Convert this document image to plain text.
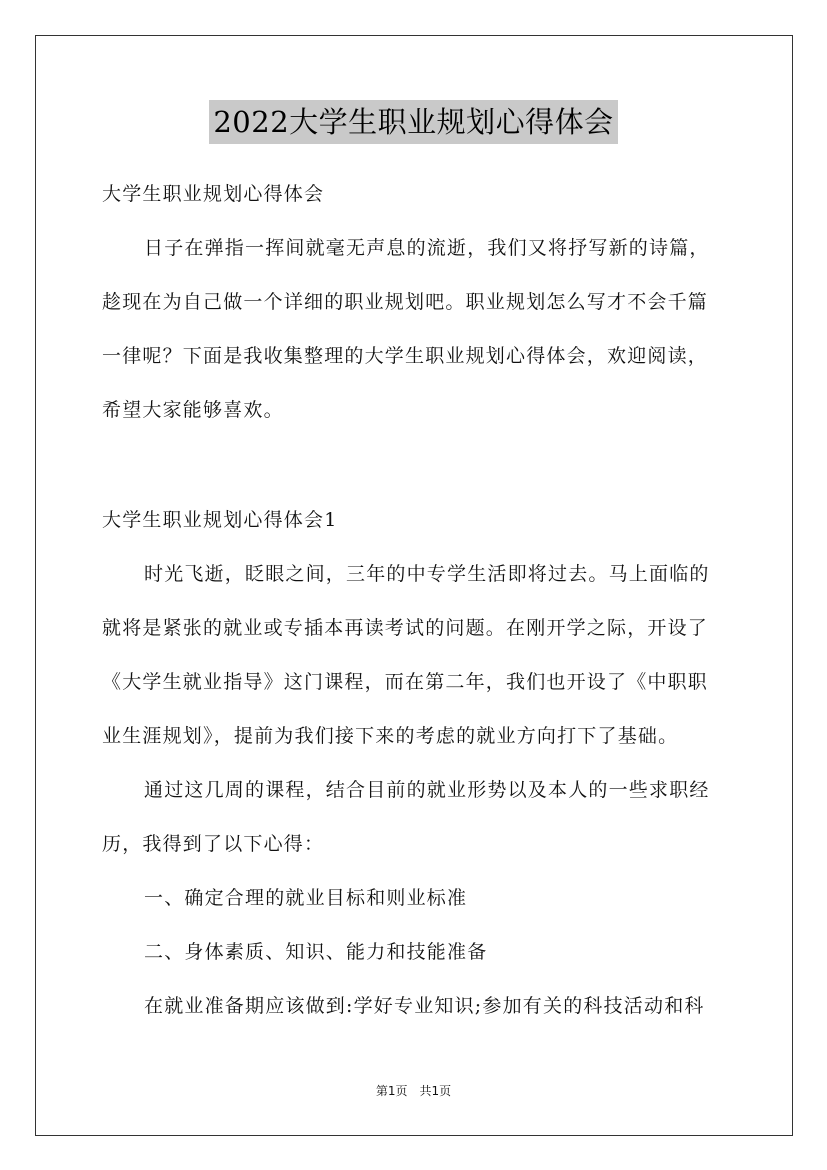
2022大学生职业规划心得体会
大学生职业规划心得体会
日子在弹指一挥间就毫无声息的流逝，我们又将抒写新的诗篇，
趁现在为自己做一个详细的职业规划吧。职业规划怎么写才不会千篇
一律呢？下面是我收集整理的大学生职业规划心得体会，欢迎阅读，
希望大家能够喜欢。
大学生职业规划心得体会1
时光飞逝，眨眼之间，三年的中专学生活即将过去。马上面临的
就将是紧张的就业或专插本再读考试的问题。在刚开学之际，开设了
《大学生就业指导》这门课程，而在第二年，我们也开设了《中职职
业生涯规划》，提前为我们接下来的考虑的就业方向打下了基础。
通过这几周的课程，结合目前的就业形势以及本人的一些求职经
历，我得到了以下心得：
一、确定合理的就业目标和则业标准
二、身体素质、知识、能力和技能准备
在就业准备期应该做到:学好专业知识;参加有关的科技活动和科
第1页　共1页
